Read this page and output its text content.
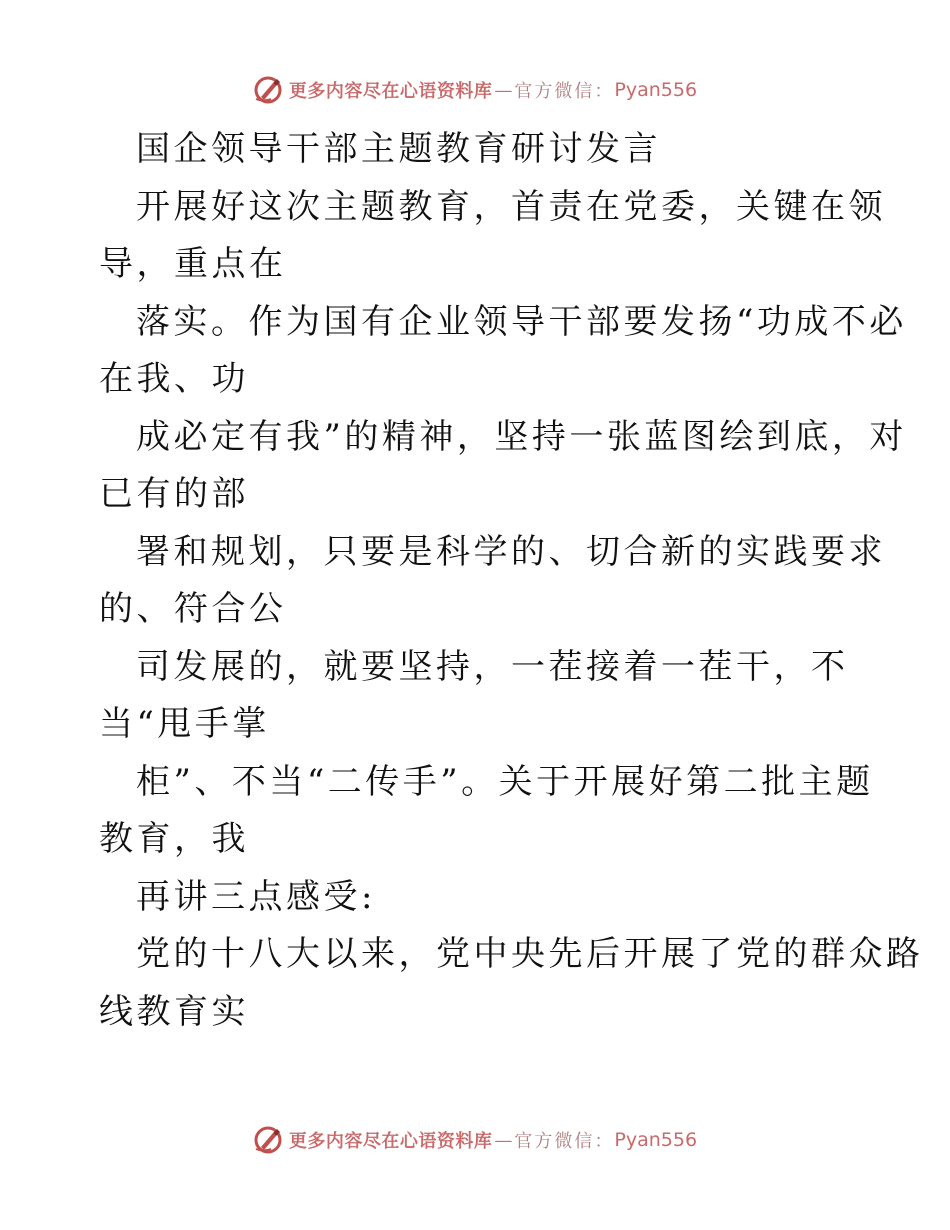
更多内容尽在心语资料库 — 官方微信： Pyan556
国企领导干部主题教育研讨发言
开展好这次主题教育，首责在党委，关键在领
导，重点在
落实。作为国有企业领导干部要发扬“功成不必
在我、功
成必定有我”的精神，坚持一张蓝图绘到底，对
已有的部
署和规划，只要是科学的、切合新的实践要求
的、符合公
司发展的，就要坚持，一茬接着一茬干，不
当“甩手掌
柜”、不当“二传手”。关于开展好第二批主题
教育，我
再讲三点感受:
党的十八大以来，党中央先后开展了党的群众路
线教育实
更多内容尽在心语资料库 — 官方微信： Pyan556
